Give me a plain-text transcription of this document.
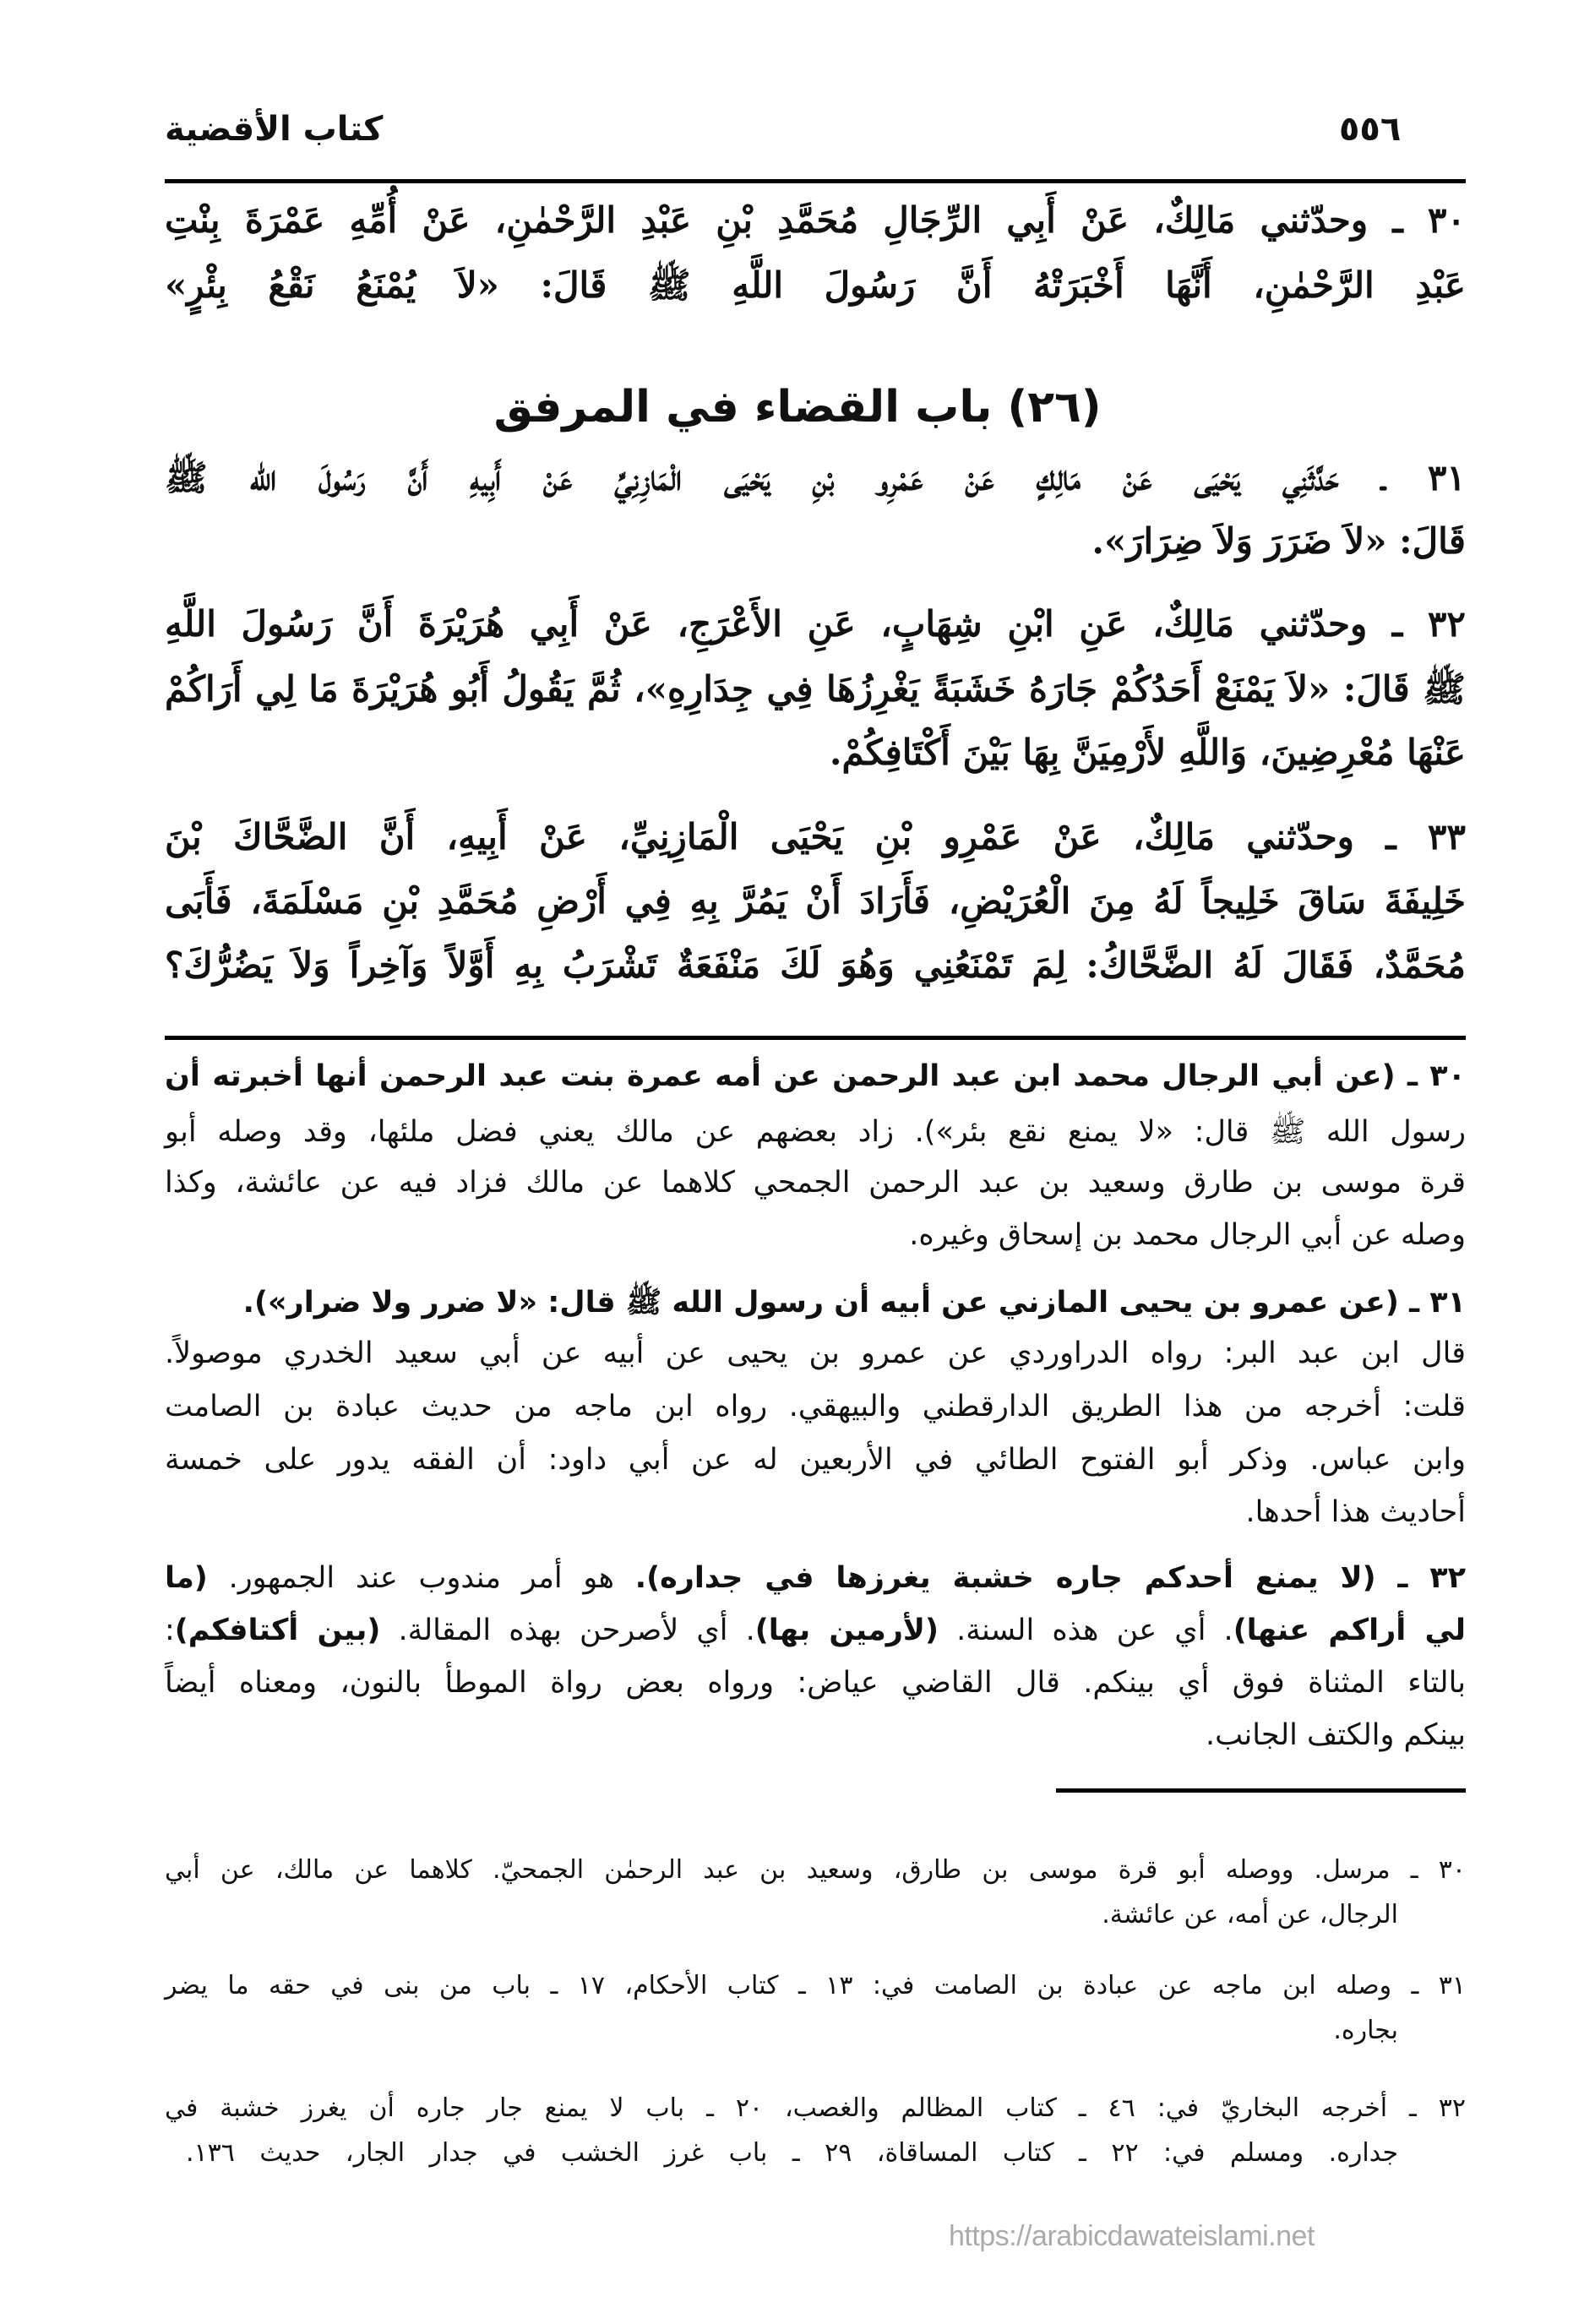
٥٥٦
كتاب الأقضية
٣٠ ـ وحدّثني مَالِكٌ، عَنْ أَبِي الرِّجَالِ مُحَمَّدِ بْنِ عَبْدِ الرَّحْمٰنِ، عَنْ أُمِّهِ عَمْرَةَ بِنْتِ
عَبْدِ الرَّحْمٰنِ، أَنَّهَا أَخْبَرَتْهُ أَنَّ رَسُولَ اللَّهِ ﷺ قَالَ: «لاَ يُمْنَعُ نَقْعُ بِئْرٍ»
(٢٦) باب القضاء في المرفق
٣١ ـ حَدَّثَنِي يَحْيَى عَنْ مَالِكٍ عَنْ عَمْرِو بْنِ يَحْيَى الْمَازِنِيِّ عَنْ أَبِيهِ أَنَّ رَسُولَ الله ﷺ
قَالَ: «لاَ ضَرَرَ وَلاَ ضِرَارَ».
٣٢ ـ وحدّثني مَالِكٌ، عَنِ ابْنِ شِهَابٍ، عَنِ الأَعْرَجِ، عَنْ أَبِي هُرَيْرَةَ أَنَّ رَسُولَ اللَّهِ
ﷺ قَالَ: «لاَ يَمْنَعْ أَحَدُكُمْ جَارَهُ خَشَبَةً يَغْرِزُهَا فِي جِدَارِهِ»، ثُمَّ يَقُولُ أَبُو هُرَيْرَةَ مَا لِي أَرَاكُمْ
عَنْهَا مُعْرِضِينَ، وَاللَّهِ لأَرْمِيَنَّ بِهَا بَيْنَ أَكْتَافِكُمْ.
٣٣ ـ وحدّثني مَالِكٌ، عَنْ عَمْرِو بْنِ يَحْيَى الْمَازِنِيِّ، عَنْ أَبِيهِ، أَنَّ الضَّحَّاكَ بْنَ
خَلِيفَةَ سَاقَ خَلِيجاً لَهُ مِنَ الْعُرَيْضِ، فَأَرَادَ أَنْ يَمُرَّ بِهِ فِي أَرْضِ مُحَمَّدِ بْنِ مَسْلَمَةَ، فَأَبَى
مُحَمَّدٌ، فَقَالَ لَهُ الضَّحَّاكُ: لِمَ تَمْنَعُنِي وَهُوَ لَكَ مَنْفَعَةٌ تَشْرَبُ بِهِ أَوَّلاً وَآخِراً وَلاَ يَضُرُّكَ؟
٣٠ ـ (عن أبي الرجال محمد ابن عبد الرحمن عن أمه عمرة بنت عبد الرحمن أنها أخبرته أن
رسول الله ﷺ قال: «لا يمنع نقع بئر»). زاد بعضهم عن مالك يعني فضل ملئها، وقد وصله أبو
قرة موسى بن طارق وسعيد بن عبد الرحمن الجمحي كلاهما عن مالك فزاد فيه عن عائشة، وكذا
وصله عن أبي الرجال محمد بن إسحاق وغيره.
٣١ ـ (عن عمرو بن يحيى المازني عن أبيه أن رسول الله ﷺ قال: «لا ضرر ولا ضرار»).
قال ابن عبد البر: رواه الدراوردي عن عمرو بن يحيى عن أبيه عن أبي سعيد الخدري موصولاً.
قلت: أخرجه من هذا الطريق الدارقطني والبيهقي. رواه ابن ماجه من حديث عبادة بن الصامت
وابن عباس. وذكر أبو الفتوح الطائي في الأربعين له عن أبي داود: أن الفقه يدور على خمسة
أحاديث هذا أحدها.
٣٢ ـ (لا يمنع أحدكم جاره خشبة يغرزها في جداره). هو أمر مندوب عند الجمهور. (ما
لي أراكم عنها). أي عن هذه السنة. (لأرمين بها). أي لأصرحن بهذه المقالة. (بين أكتافكم):
بالتاء المثناة فوق أي بينكم. قال القاضي عياض: ورواه بعض رواة الموطأ بالنون، ومعناه أيضاً
بينكم والكتف الجانب.
٣٠ ـ مرسل. ووصله أبو قرة موسى بن طارق، وسعيد بن عبد الرحمٰن الجمحيّ. كلاهما عن مالك، عن أبي
الرجال، عن أمه، عن عائشة.
٣١ ـ وصله ابن ماجه عن عبادة بن الصامت في: ١٣ ـ كتاب الأحكام، ١٧ ـ باب من بنى في حقه ما يضر
بجاره.
٣٢ ـ أخرجه البخاريّ في: ٤٦ ـ كتاب المظالم والغصب، ٢٠ ـ باب لا يمنع جار جاره أن يغرز خشبة في
جداره. ومسلم في: ٢٢ ـ كتاب المساقاة، ٢٩ ـ باب غرز الخشب في جدار الجار، حديث ١٣٦.
https://arabicdawateislami.net
